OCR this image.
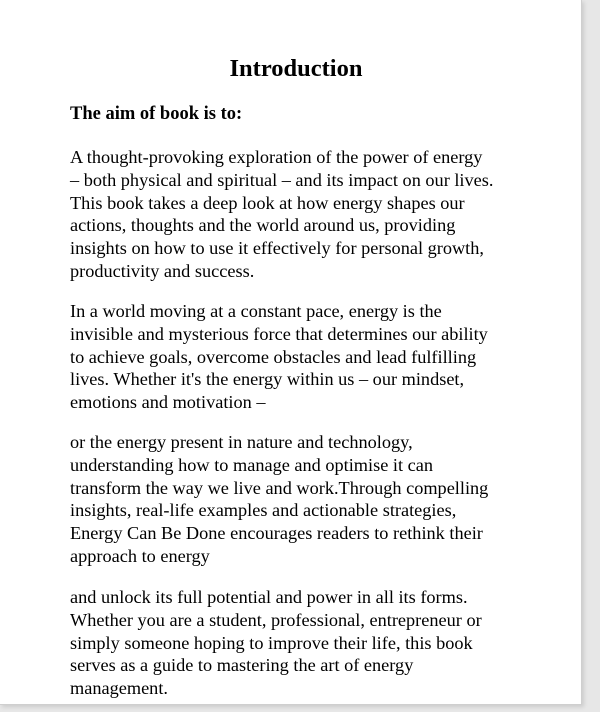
Introduction
The aim of book is to:

A thought-provoking exploration of the power of energy
– both physical and spiritual – and its impact on our lives.
This book takes a deep look at how energy shapes our
actions, thoughts and the world around us, providing
insights on how to use it effectively for personal growth,
productivity and success.

In a world moving at a constant pace, energy is the
invisible and mysterious force that determines our ability
to achieve goals, overcome obstacles and lead fulfilling
lives. Whether it's the energy within us – our mindset,
emotions and motivation –

or the energy present in nature and technology,
understanding how to manage and optimise it can
transform the way we live and work.Through compelling
insights, real-life examples and actionable strategies,
Energy Can Be Done encourages readers to rethink their
approach to energy

and unlock its full potential and power in all its forms.
Whether you are a student, professional, entrepreneur or
simply someone hoping to improve their life, this book
serves as a guide to mastering the art of energy
management.
